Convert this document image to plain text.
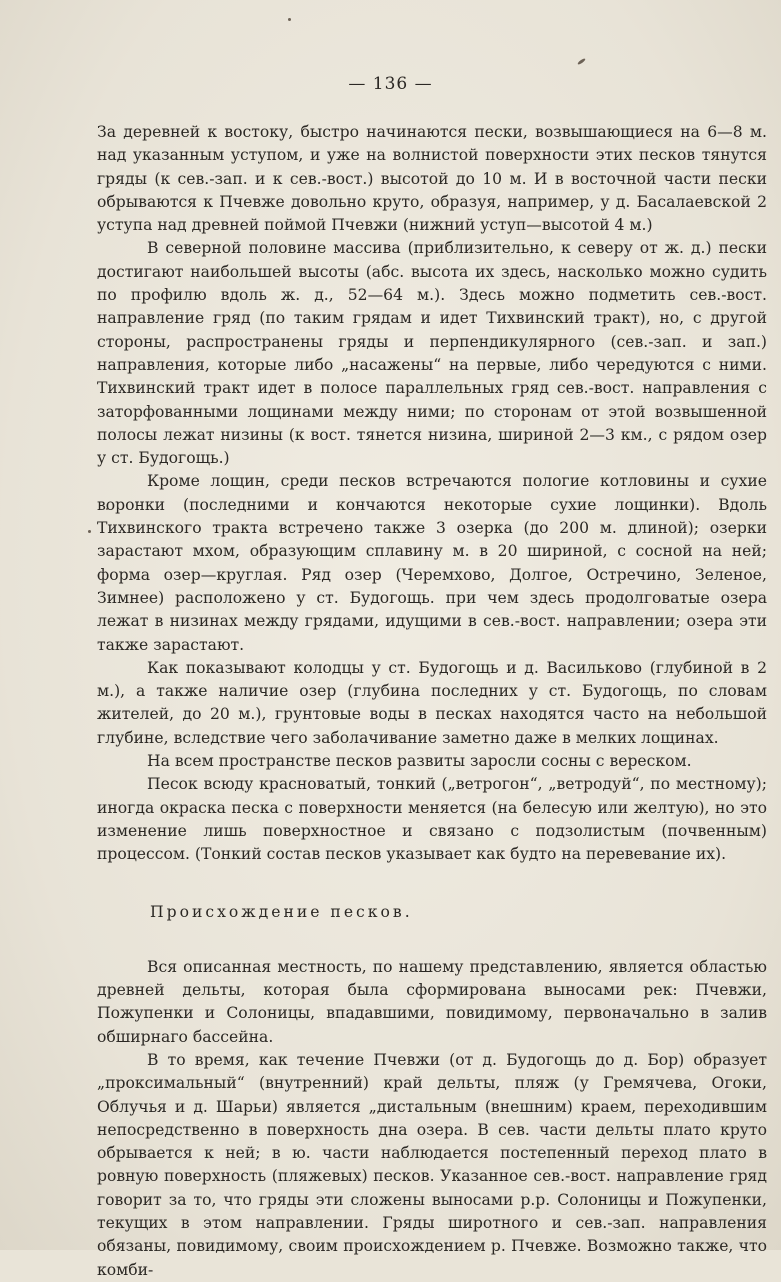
— 136 —

За деревней к востоку, быстро начинаются пески, возвышающиеся на 6—8 м. над указанным уступом, и уже на волнистой поверхности этих песков тянутся гряды (к сев.-зап. и к сев.-вост.) высотой до 10 м. И в восточной части пески обрываются к Пчевже довольно круто, образуя, например, у д. Басалаевской 2 уступа над древней поймой Пчевжи (нижний уступ—высотой 4 м.)

В северной половине массива (приблизительно, к северу от ж. д.) пески достигают наибольшей высоты (абс. высота их здесь, насколько можно судить по профилю вдоль ж. д., 52—64 м.). Здесь можно подметить сев.-вост. направление гряд (по таким грядам и идет Тихвинский тракт), но, с другой стороны, распространены гряды и перпендикулярного (сев.-зап. и зап.) направления, которые либо „насажены“ на первые, либо чередуются с ними. Тихвинский тракт идет в полосе параллельных гряд сев.-вост. направления с заторфованными лощинами между ними; по сторонам от этой возвышенной полосы лежат низины (к вост. тянется низина, шириной 2—3 км., с рядом озер у ст. Будогощь.)

Кроме лощин, среди песков встречаются пологие котловины и сухие воронки (последними и кончаются некоторые сухие лощинки). Вдоль Тихвинского тракта встречено также 3 озерка (до 200 м. длиной); озерки зарастают мхом, образующим сплавину м. в 20 шириной, с сосной на ней; форма озер—круглая. Ряд озер (Черемхово, Долгое, Остречино, Зеленое, Зимнее) расположено у ст. Будогощь. при чем здесь продолговатые озера лежат в низинах между грядами, идущими в сев.-вост. направлении; озера эти также зарастают.

Как показывают колодцы у ст. Будогощь и д. Васильково (глубиной в 2 м.), а также наличие озер (глубина последних у ст. Будогощь, по словам жителей, до 20 м.), грунтовые воды в песках находятся часто на небольшой глубине, вследствие чего заболачивание заметно даже в мелких лощинах.

На всем пространстве песков развиты заросли сосны с вереском.

Песок всюду красноватый, тонкий („ветрогон“, „ветродуй“, по местному); иногда окраска песка с поверхности меняется (на белесую или желтую), но это изменение лишь поверхностное и связано с подзолистым (почвенным) процессом. (Тонкий состав песков указывает как будто на перевевание их).

Происхождение песков.

Вся описанная местность, по нашему представлению, является областью древней дельты, которая была сформирована выносами рек: Пчевжи, Пожупенки и Солоницы, впадавшими, повидимому, первоначально в залив обширнаго бассейна.

В то время, как течение Пчевжи (от д. Будогощь до д. Бор) образует „проксимальный“ (внутренний) край дельты, пляж (у Гремячева, Огоки, Облучья и д. Шарьи) является „дистальным (внешним) краем, переходившим непосредственно в поверхность дна озера. В сев. части дельты плато круто обрывается к ней; в ю. части наблюдается постепенный переход плато в ровную поверхность (пляжевых) песков. Указанное сев.-вост. направление гряд говорит за то, что гряды эти сложены выносами р.р. Солоницы и Пожупенки, текущих в этом направлении. Гряды широтного и сев.-зап. направления обязаны, повидимому, своим происхождением р. Пчевже. Возможно также, что комби-
